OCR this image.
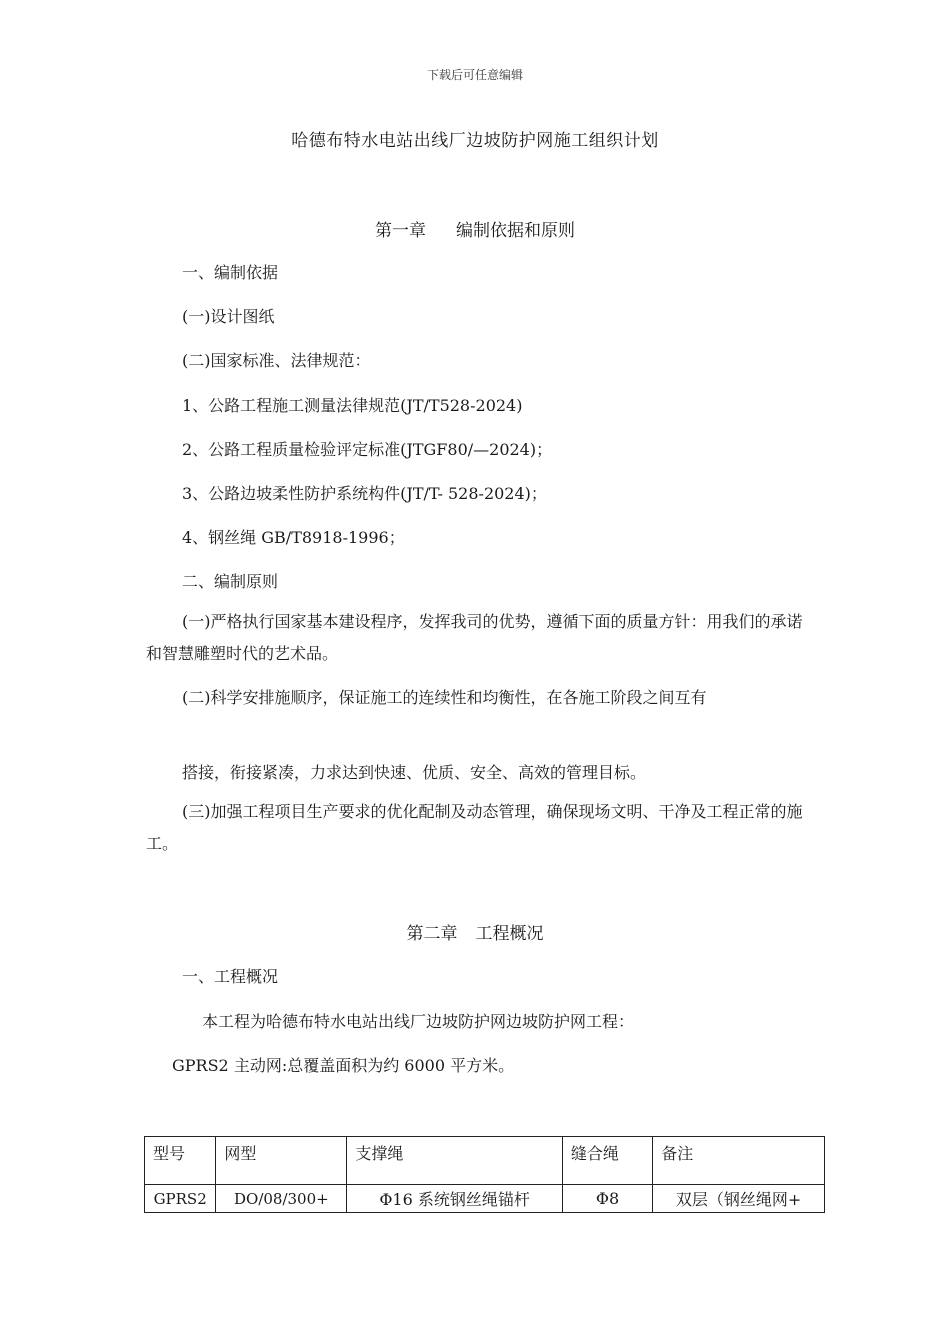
下载后可任意编辑
哈德布特水电站出线厂边坡防护网施工组织计划
第一章 编制依据和原则
一、编制依据
(一)设计图纸
(二)国家标准、法律规范：
1、公路工程施工测量法律规范(JT/T528-2024)
2、公路工程质量检验评定标准(JTGF80/—2024)；
3、公路边坡柔性防护系统构件(JT/T- 528-2024)；
4、钢丝绳 GB/T8918-1996；
二、编制原则
(一)严格执行国家基本建设程序，发挥我司的优势，遵循下面的质量方针：用我们的承诺和智慧雕塑时代的艺术品。
(二)科学安排施顺序，保证施工的连续性和均衡性，在各施工阶段之间互有
搭接，衔接紧凑，力求达到快速、优质、安全、高效的管理目标。
(三)加强工程项目生产要求的优化配制及动态管理，确保现场文明、干净及工程正常的施工。
第二章 工程概况
一、工程概况
本工程为哈德布特水电站出线厂边坡防护网边坡防护网工程：
GPRS2 主动网:总覆盖面积为约 6000 平方米。
型号	网型	支撑绳	缝合绳	备注
GPRS2	DO/08/300+	Φ16 系统钢丝绳锚杆	Φ8	双层（钢丝绳网+
